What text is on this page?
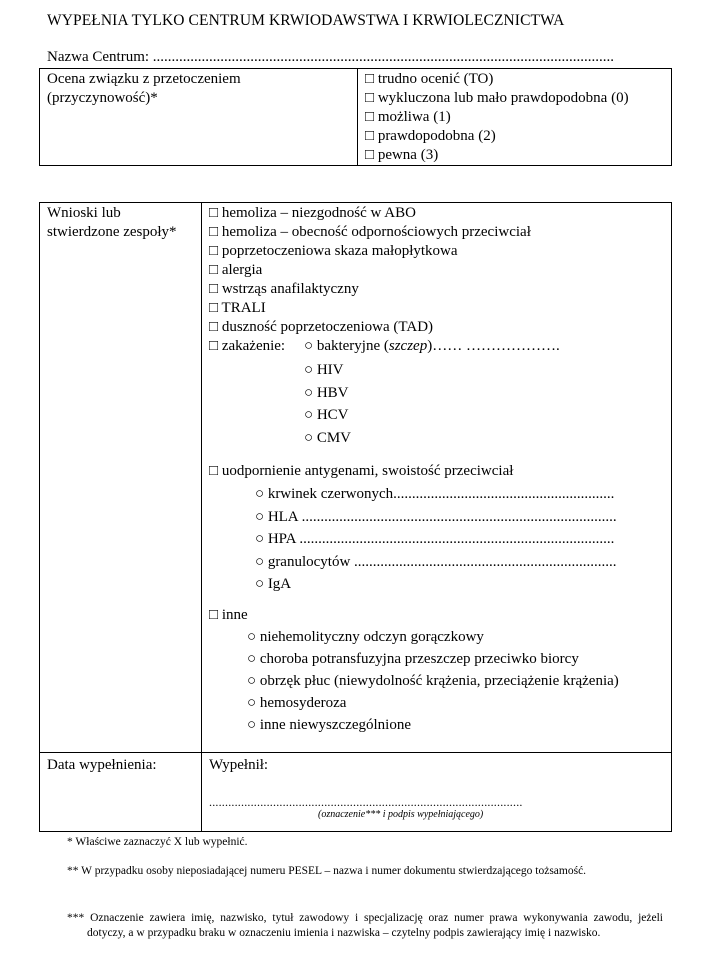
WYPEŁNIA TYLKO CENTRUM KRWIODAWSTWA I KRWIOLECZNICTWA
Nazwa Centrum: ...........................................................................................................................
Ocena związku z przetoczeniem
(przyczynowość)*
□ trudno ocenić (TO)
□ wykluczona lub mało prawdopodobna (0)
□ możliwa (1)
□ prawdopodobna (2)
□ pewna (3)
Wnioski lub
stwierdzone zespoły*
□ hemoliza – niezgodność w ABO
□ hemoliza – obecność odpornościowych przeciwciał
□ poprzetoczeniowa skaza małopłytkowa
□ alergia
□ wstrząs anafilaktyczny
□ TRALI
□ duszność poprzetoczeniowa (TAD)
□ zakażenie:
○	bakteryjne (szczep)…… ……………….
○ HIV
○ HBV
○ HCV
○ CMV
□ uodpornienie antygenami, swoistość przeciwciał
○ krwinek czerwonych...........................................................
○ HLA ....................................................................................
○ HPA ....................................................................................
○ granulocytów ......................................................................
○ IgA
□ inne
○ niehemolityczny odczyn gorączkowy
○ choroba potransfuzyjna przeszczep przeciwko biorcy
○ obrzęk płuc (niewydolność krążenia, przeciążenie krążenia)
○ hemosyderoza
○ inne niewyszczególnione
Data wypełnienia:	Wypełnił:
..................................................................................................
(oznaczenie*** i podpis wypełniającego)
* Właściwe zaznaczyć X lub wypełnić.
** W przypadku osoby nieposiadającej numeru PESEL – nazwa i numer dokumentu stwierdzającego tożsamość.
*** Oznaczenie zawiera imię, nazwisko, tytuł zawodowy i specjalizację oraz numer prawa wykonywania zawodu, jeżeli dotyczy, a w przypadku braku w oznaczeniu imienia i nazwiska – czytelny podpis zawierający imię i nazwisko.
